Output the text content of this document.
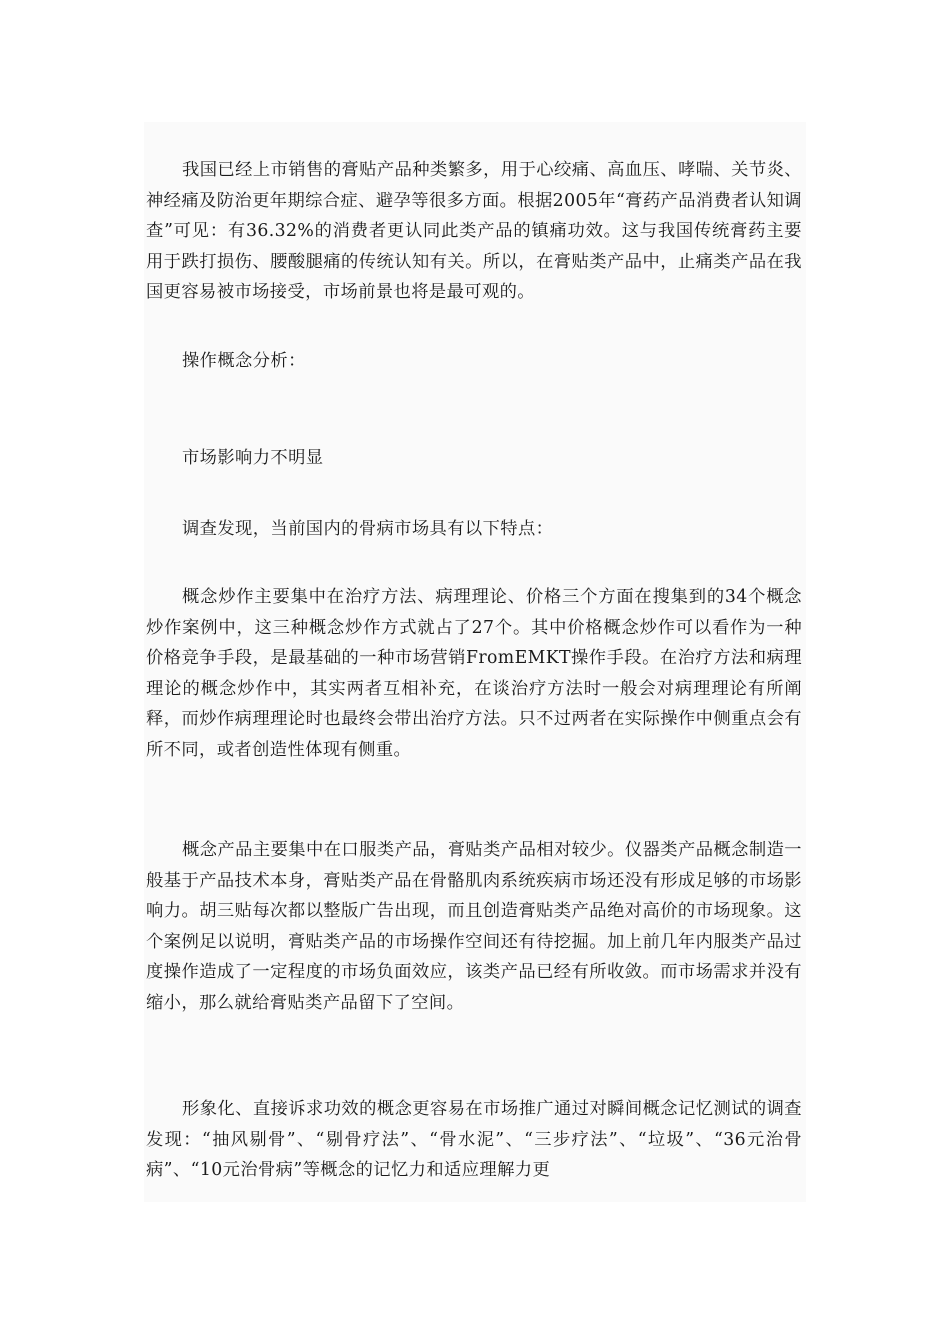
我国已经上市销售的膏贴产品种类繁多，用于心绞痛、高血压、哮喘、关节炎、神经痛及防治更年期综合症、避孕等很多方面。根据2005年“膏药产品消费者认知调查”可见：有36.32%的消费者更认同此类产品的镇痛功效。这与我国传统膏药主要用于跌打损伤、腰酸腿痛的传统认知有关。所以，在膏贴类产品中，止痛类产品在我国更容易被市场接受，市场前景也将是最可观的。

操作概念分析：

市场影响力不明显

调查发现，当前国内的骨病市场具有以下特点：

概念炒作主要集中在治疗方法、病理理论、价格三个方面在搜集到的34个概念炒作案例中，这三种概念炒作方式就占了27个。其中价格概念炒作可以看作为一种价格竞争手段，是最基础的一种市场营销FromEMKT操作手段。在治疗方法和病理理论的概念炒作中，其实两者互相补充，在谈治疗方法时一般会对病理理论有所阐释，而炒作病理理论时也最终会带出治疗方法。只不过两者在实际操作中侧重点会有所不同，或者创造性体现有侧重。

概念产品主要集中在口服类产品，膏贴类产品相对较少。仪器类产品概念制造一般基于产品技术本身，膏贴类产品在骨骼肌肉系统疾病市场还没有形成足够的市场影响力。胡三贴每次都以整版广告出现，而且创造膏贴类产品绝对高价的市场现象。这个案例足以说明，膏贴类产品的市场操作空间还有待挖掘。加上前几年内服类产品过度操作造成了一定程度的市场负面效应，该类产品已经有所收敛。而市场需求并没有缩小，那么就给膏贴类产品留下了空间。

形象化、直接诉求功效的概念更容易在市场推广通过对瞬间概念记忆测试的调查发现：“抽风剔骨”、“剔骨疗法”、“骨水泥”、“三步疗法”、“垃圾”、“36元治骨病”、“10元治骨病”等概念的记忆力和适应理解力更
